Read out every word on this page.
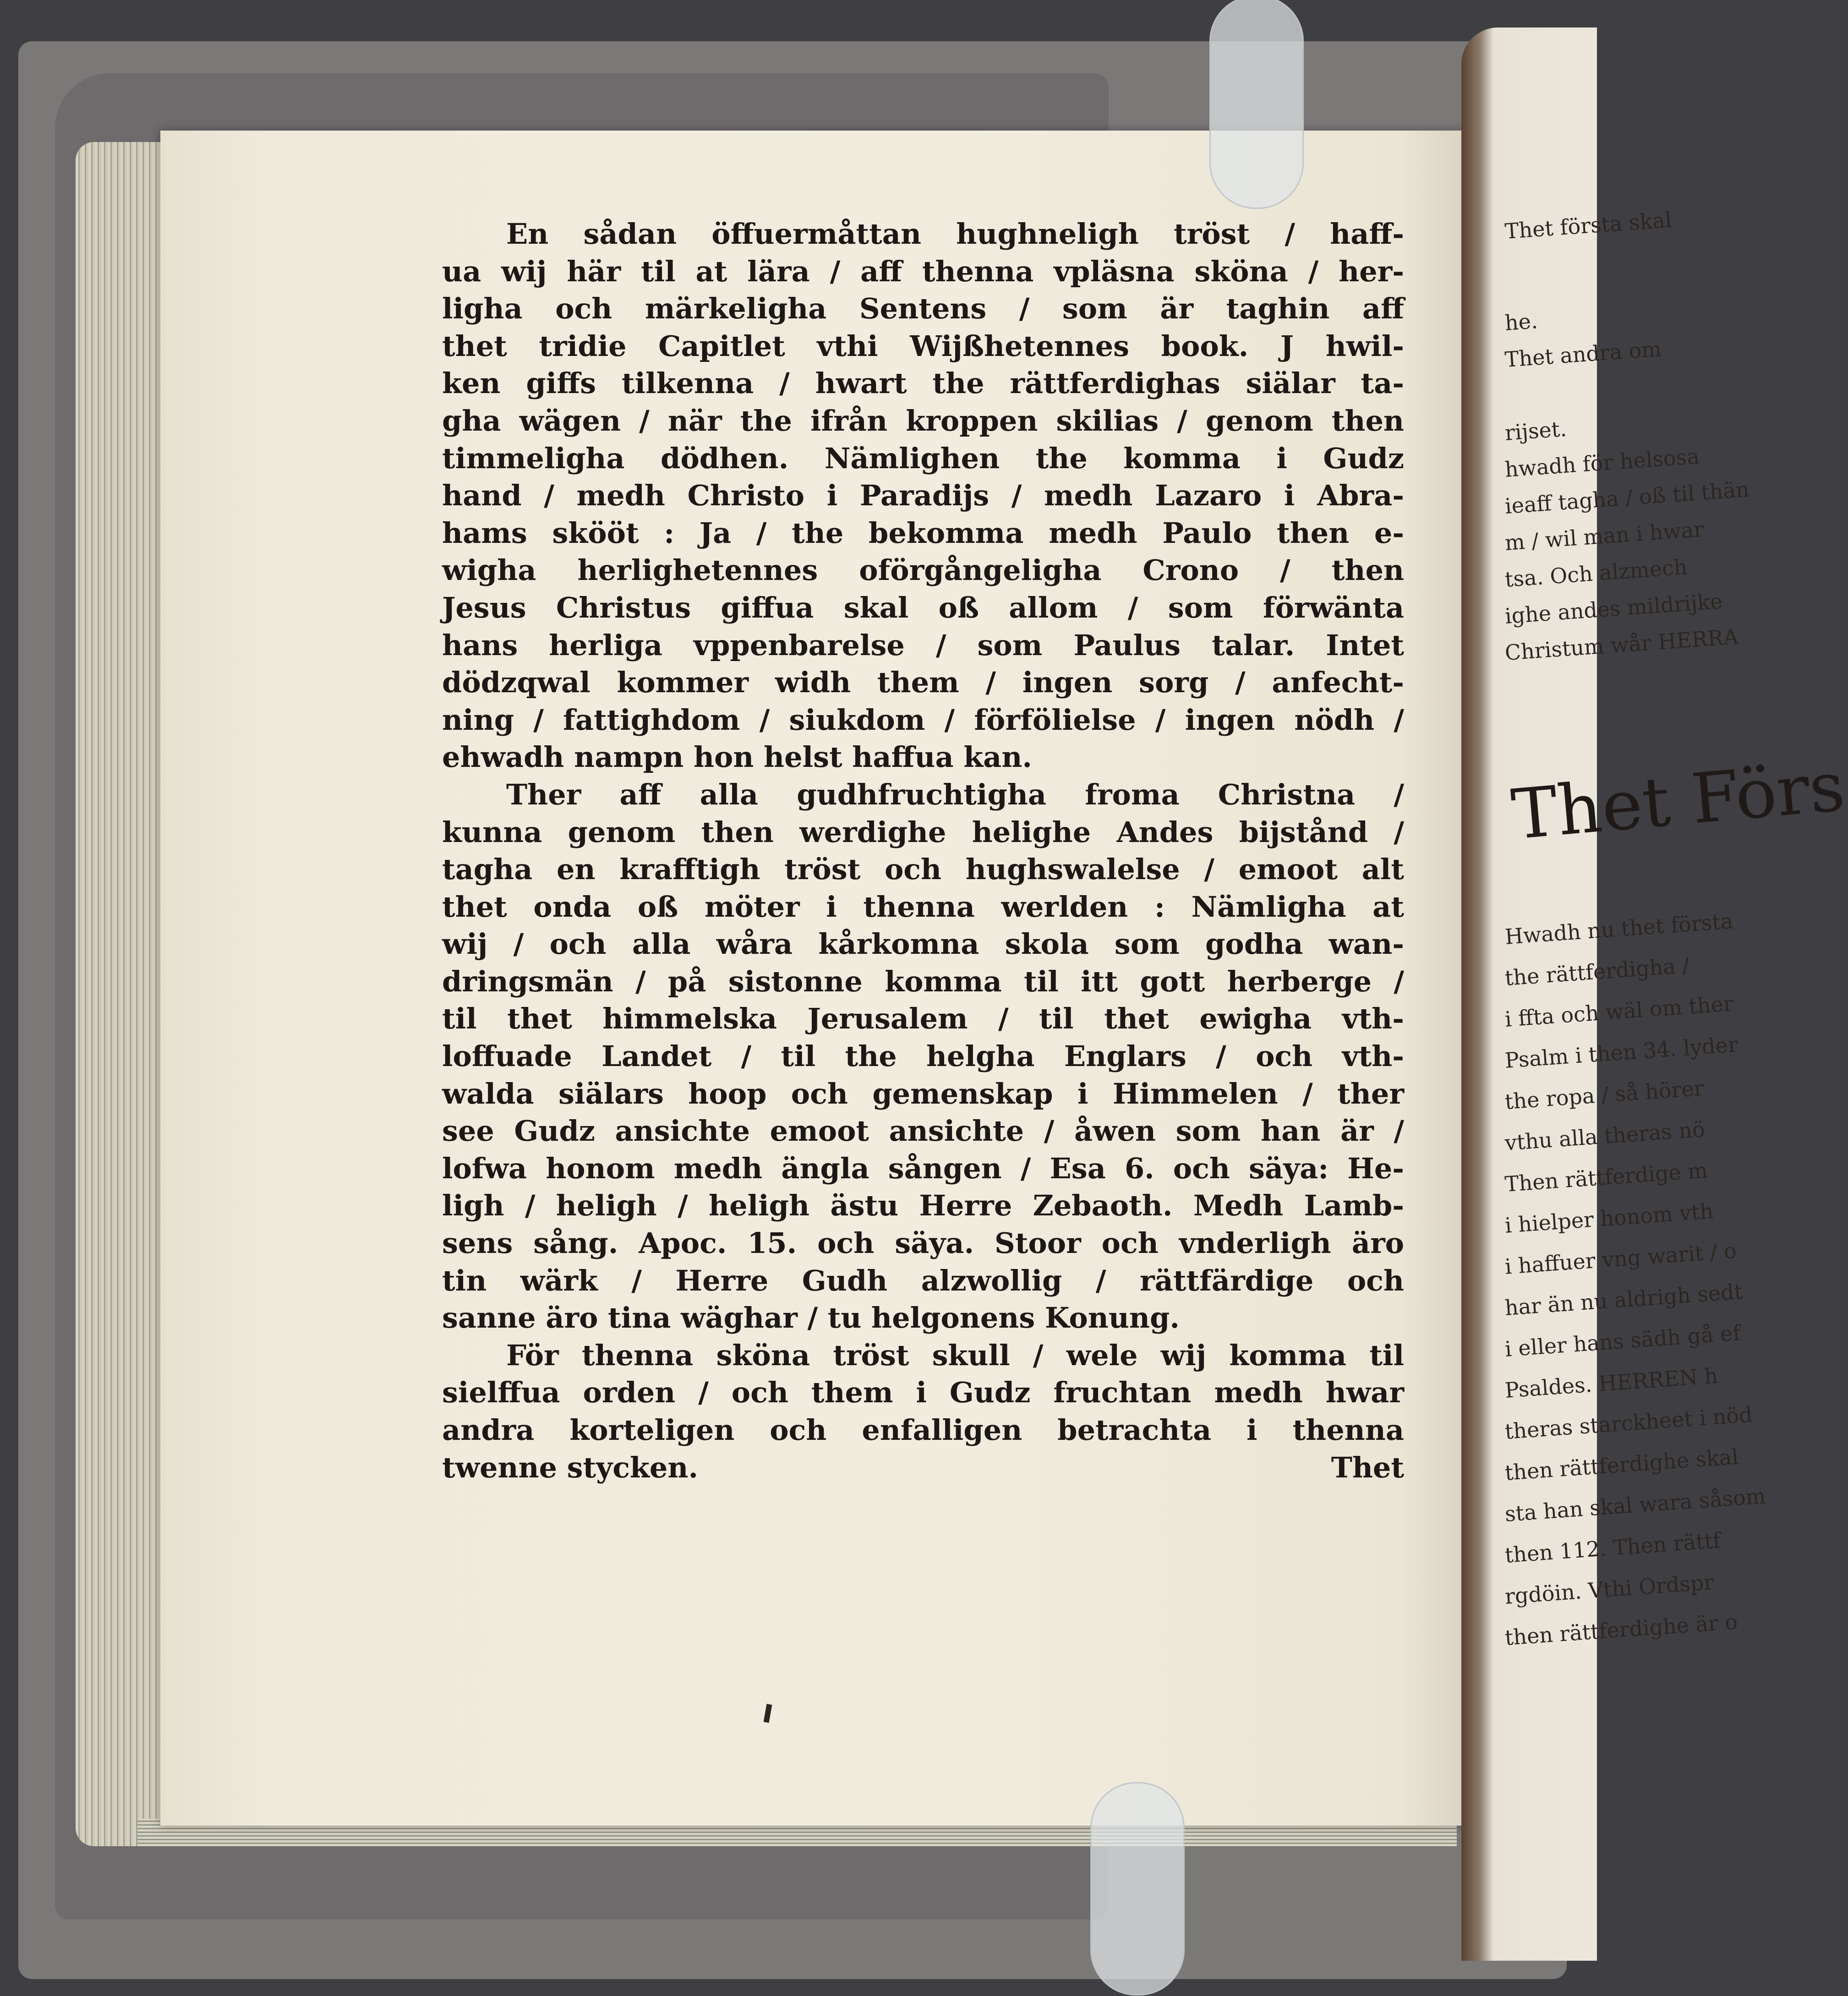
Thet första skal
he.
Thet andra om
rijset.
hwadh för helsosa
ieaff tagha / oß til thän
m / wil man i hwar
tsa. Och alzmech
ighe andes mildrijke
Christum wår HERRA
Thet Förs
Hwadh nu thet första
the rättferdigha /
i ffta och wäl om ther
Psalm i then 34. lyder
the ropa / så hörer
vthu alla theras nö
Then rättferdige m
i hielper honom vth
i haffuer vng warit / o
har än nu aldrigh sedt
i eller hans sädh gå ef
Psaldes. HERREN h
theras starckheet i nöd
then rättferdighe skal
sta han skal wara såsom
then 112. Then rättf
rgdöin. Vthi Ordspr
then rättferdighe är o
En sådan öffuermåttan hughneligh tröst / haff-
ua wij här til at lära / aff thenna vpläsna sköna / her-
ligha och märkeligha Sentens / som är taghin aff
thet tridie Capitlet vthi Wijßhetennes book. J hwil-
ken giffs tilkenna / hwart the rättferdighas siälar ta-
gha wägen / när the ifrån kroppen skilias / genom then
timmeligha dödhen. Nämlighen the komma i Gudz
hand / medh Christo i Paradijs / medh Lazaro i Abra-
hams skööt : Ja / the bekomma medh Paulo then e-
wigha herlighetennes oförgångeligha Crono / then
Jesus Christus giffua skal oß allom / som förwänta
hans herliga vppenbarelse / som Paulus talar. Intet
dödzqwal kommer widh them / ingen sorg / anfecht-
ning / fattighdom / siukdom / förfölielse / ingen nödh /
ehwadh nampn hon helst haffua kan.
Ther aff alla gudhfruchtigha froma Christna /
kunna genom then werdighe helighe Andes bijstånd /
tagha en krafftigh tröst och hughswalelse / emoot alt
thet onda oß möter i thenna werlden : Nämligha at
wij / och alla wåra kårkomna skola som godha wan-
dringsmän / på sistonne komma til itt gott herberge /
til thet himmelska Jerusalem / til thet ewigha vth-
loffuade Landet / til the helgha Englars / och vth-
walda siälars hoop och gemenskap i Himmelen / ther
see Gudz ansichte emoot ansichte / åwen som han är /
lofwa honom medh ängla sången / Esa 6. och säya: He-
ligh / heligh / heligh ästu Herre Zebaoth. Medh Lamb-
sens sång. Apoc. 15. och säya. Stoor och vnderligh äro
tin wärk / Herre Gudh alzwollig / rättfärdige och
sanne äro tina wäghar / tu helgonens Konung.
För thenna sköna tröst skull / wele wij komma til
sielffua orden / och them i Gudz fruchtan medh hwar
andra korteligen och enfalligen betrachta i thenna
twenne stycken.	Thet
